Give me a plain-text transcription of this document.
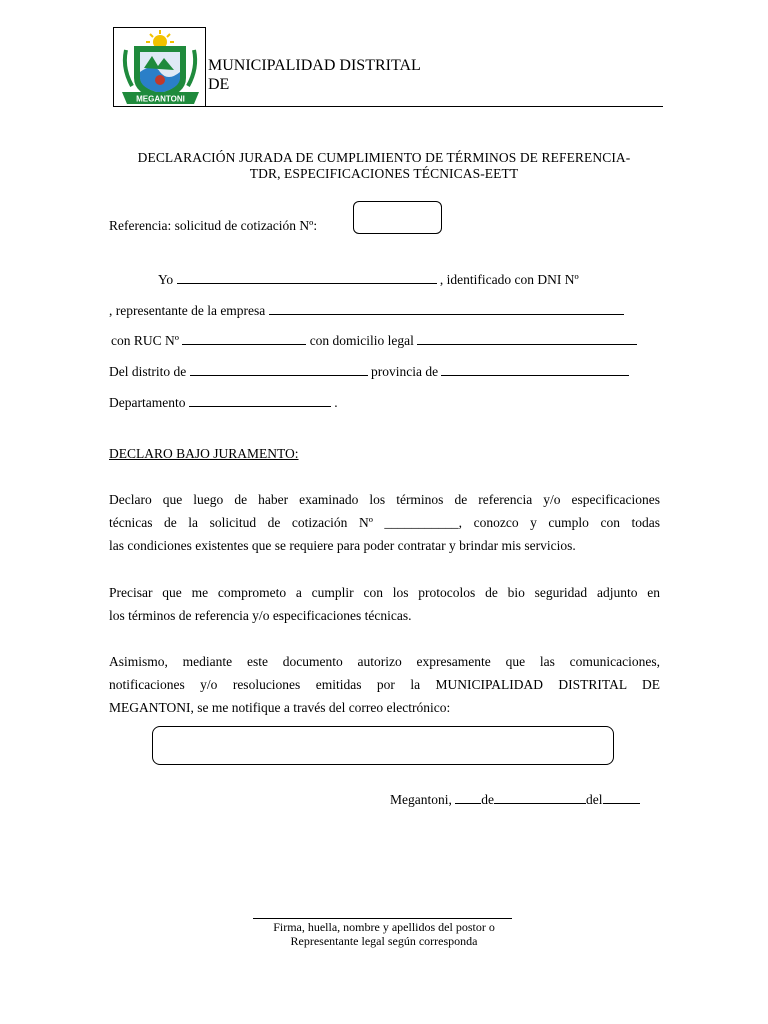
MEGANTONI
MUNICIPALIDAD DISTRITAL
DE
DECLARACIÓN JURADA DE CUMPLIMIENTO DE TÉRMINOS DE REFERENCIA-
TDR, ESPECIFICACIONES TÉCNICAS-EETT
Referencia: solicitud de cotización Nº:
Yo	, identificado con DNI Nº
, representante de la empresa
con RUC Nº	con domicilio legal
Del distrito de	provincia de
Departamento	.
DECLARO BAJO JURAMENTO:
Declaro que luego de haber examinado los términos de referencia y/o especificaciones
técnicas de la solicitud de cotización Nº ___________, conozco y cumplo con todas
las condiciones existentes que se requiere para poder contratar y brindar mis servicios.
Precisar que me comprometo a cumplir con los protocolos de bio seguridad adjunto en
los términos de referencia y/o especificaciones técnicas.
Asimismo, mediante este documento autorizo expresamente que las comunicaciones,
notificaciones y/o resoluciones emitidas por la MUNICIPALIDAD DISTRITAL DE
MEGANTONI, se me notifique a través del correo electrónico:
Megantoni, de	del
Firma, huella, nombre y apellidos del postor o
Representante legal según corresponda
